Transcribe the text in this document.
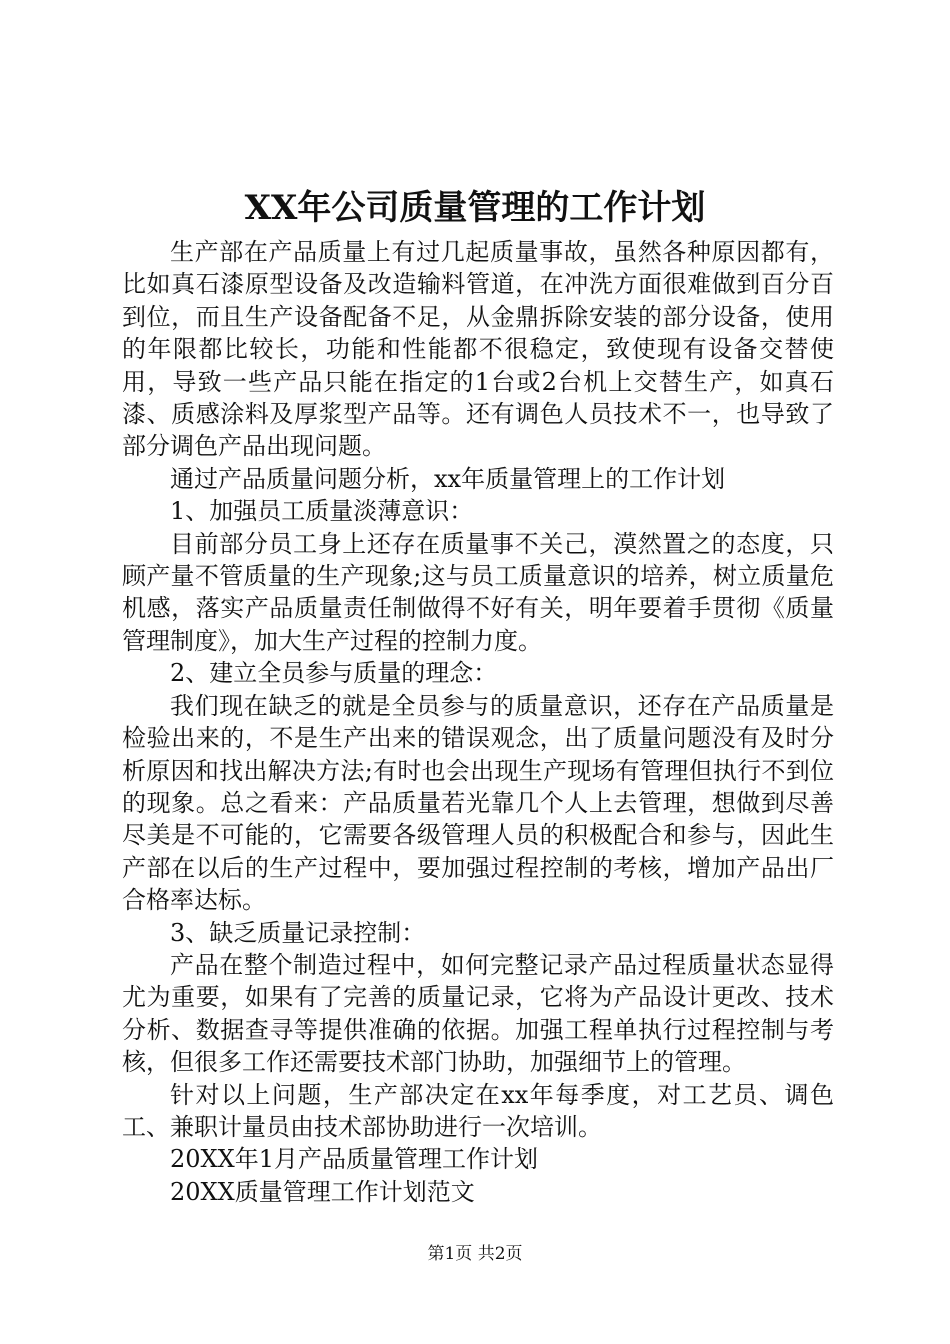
XX年公司质量管理的工作计划

生产部在产品质量上有过几起质量事故，虽然各种原因都有，比如真石漆原型设备及改造输料管道，在冲洗方面很难做到百分百到位，而且生产设备配备不足，从金鼎拆除安装的部分设备，使用的年限都比较长，功能和性能都不很稳定，致使现有设备交替使用，导致一些产品只能在指定的1台或2台机上交替生产，如真石漆、质感涂料及厚浆型产品等。还有调色人员技术不一，也导致了部分调色产品出现问题。

通过产品质量问题分析，xx年质量管理上的工作计划

1、加强员工质量淡薄意识：

目前部分员工身上还存在质量事不关己，漠然置之的态度，只顾产量不管质量的生产现象;这与员工质量意识的培养，树立质量危机感，落实产品质量责任制做得不好有关，明年要着手贯彻《质量管理制度》，加大生产过程的控制力度。

2、建立全员参与质量的理念：

我们现在缺乏的就是全员参与的质量意识，还存在产品质量是检验出来的，不是生产出来的错误观念，出了质量问题没有及时分析原因和找出解决方法;有时也会出现生产现场有管理但执行不到位的现象。总之看来：产品质量若光靠几个人上去管理，想做到尽善尽美是不可能的，它需要各级管理人员的积极配合和参与，因此生产部在以后的生产过程中，要加强过程控制的考核，增加产品出厂合格率达标。

3、缺乏质量记录控制：

产品在整个制造过程中，如何完整记录产品过程质量状态显得尤为重要，如果有了完善的质量记录，它将为产品设计更改、技术分析、数据查寻等提供准确的依据。加强工程单执行过程控制与考核，但很多工作还需要技术部门协助，加强细节上的管理。

针对以上问题，生产部决定在xx年每季度，对工艺员、调色工、兼职计量员由技术部协助进行一次培训。

20XX年1月产品质量管理工作计划

20XX质量管理工作计划范文

第1页 共2页
